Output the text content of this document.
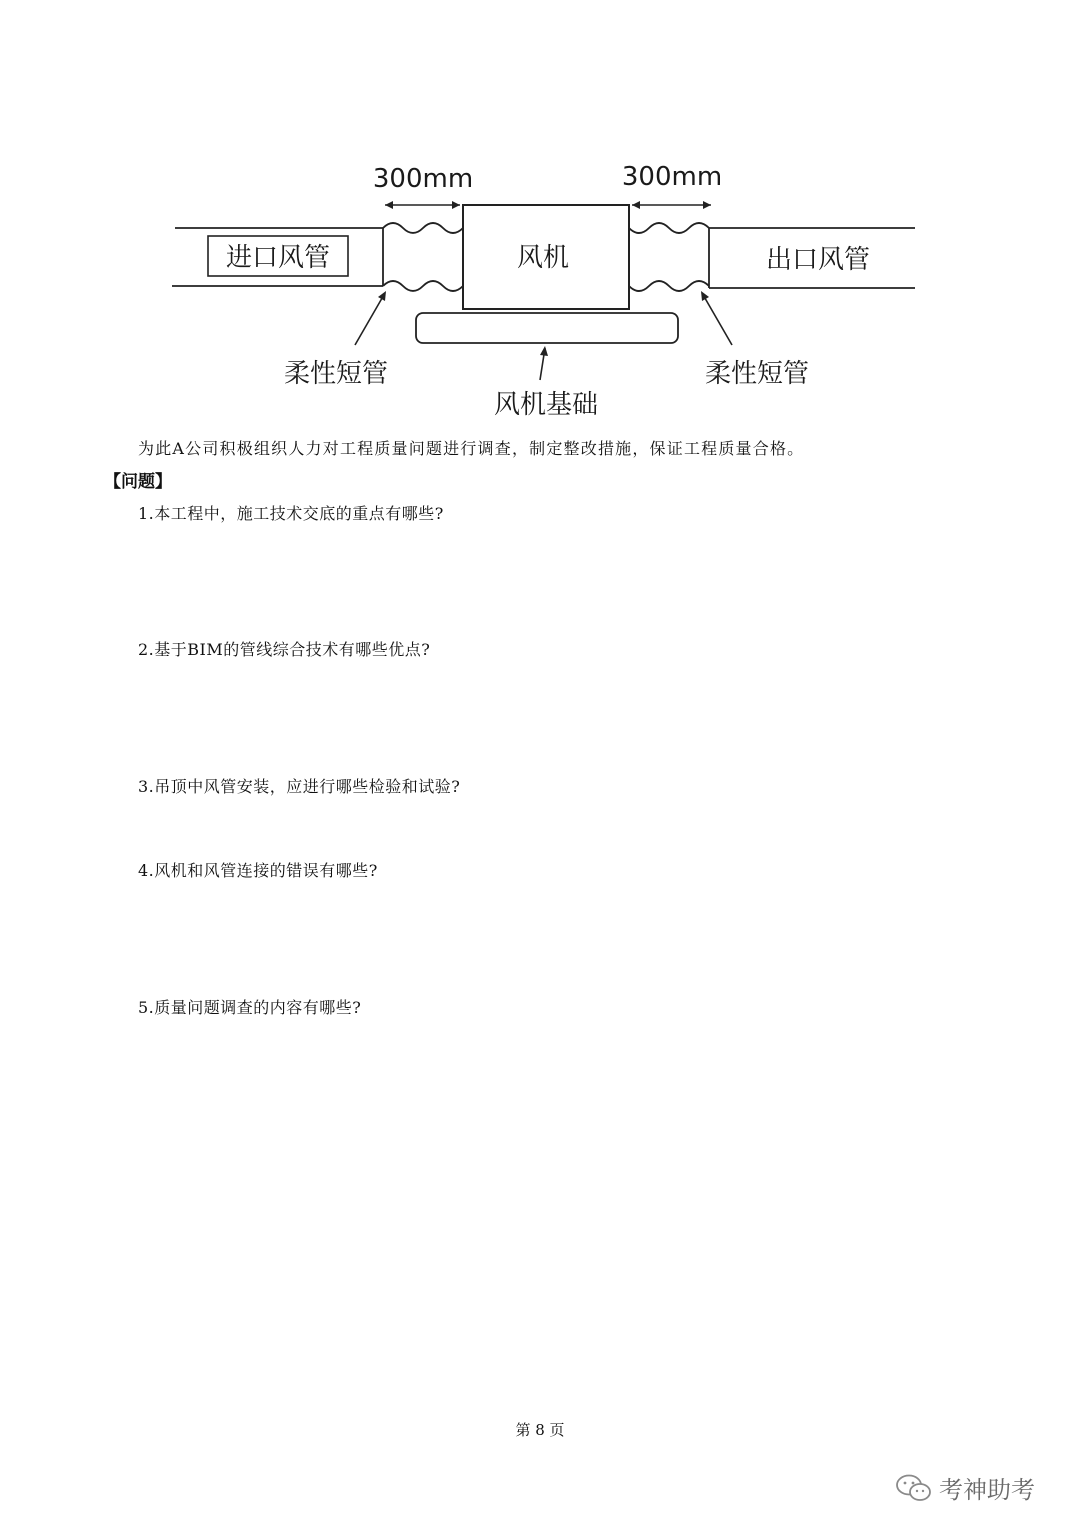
300mm	300mm
进口风管	风机	出口风管
柔性短管	柔性短管
风机基础
为此A公司积极组织人力对工程质量问题进行调查，制定整改措施，保证工程质量合格。
【问题】
1.本工程中，施工技术交底的重点有哪些?
2.基于BIM的管线综合技术有哪些优点?
3.吊顶中风管安装，应进行哪些检验和试验?
4.风机和风管连接的错误有哪些?
5.质量问题调查的内容有哪些?
第 8 页
考神助考
